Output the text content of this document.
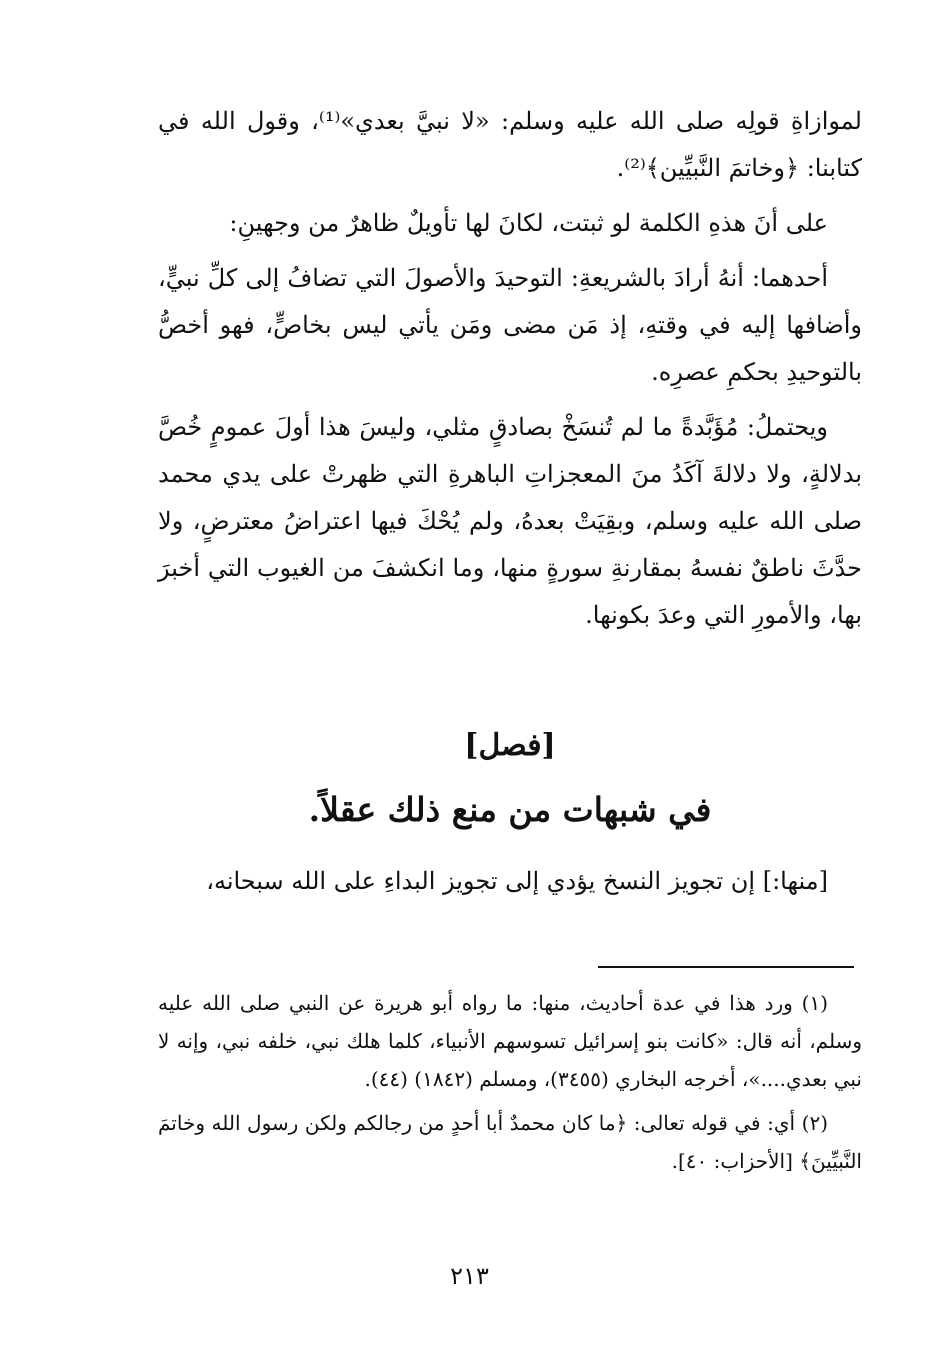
لموازاةِ قولِه صلى الله عليه وسلم: «لا نبيَّ بعدي»⁽¹⁾، وقول الله في كتابنا: ﴿وخاتمَ النَّبيِّين﴾⁽²⁾.

على أنَ هذهِ الكلمة لو ثبتت، لكانَ لها تأويلٌ ظاهرٌ من وجهينِ:

أحدهما: أنهُ أرادَ بالشريعةِ: التوحيدَ والأصولَ التي تضافُ إلى كلِّ نبيٍّ، وأضافها إليه في وقتهِ، إذ مَن مضى ومَن يأتي ليس بخاصٍّ، فهو أخصُّ بالتوحيدِ بحكمِ عصرِه.

ويحتملُ: مُؤَبَّدةً ما لم تُنسَخْ بصادقٍ مثلي، وليسَ هذا أولَ عمومٍ خُصَّ بدلالةٍ، ولا دلالةَ آكَدُ منَ المعجزاتِ الباهرةِ التي ظهرتْ على يدي محمد صلى الله عليه وسلم، وبقِيَتْ بعدهُ، ولم يُحْكَ فيها اعتراضُ معترضٍ، ولا حدَّثَ ناطقٌ نفسهُ بمقارنةِ سورةٍ منها، وما انكشفَ من الغيوب التي أخبرَ بها، والأمورِ التي وعدَ بكونها.

[فصل]
في شبهات من منع ذلك عقلاً.

[منها:] إن تجويز النسخ يؤدي إلى تجويز البداءِ على الله سبحانه،

(١) ورد هذا في عدة أحاديث، منها: ما رواه أبو هريرة عن النبي صلى الله عليه وسلم، أنه قال: «كانت بنو إسرائيل تسوسهم الأنبياء، كلما هلك نبي، خلفه نبي، وإنه لا نبي بعدي....»، أخرجه البخاري (٣٤٥٥)، ومسلم (١٨٤٢) (٤٤).

(٢) أي: في قوله تعالى: ﴿ما كان محمدٌ أبا أحدٍ من رجالكم ولكن رسول الله وخاتمَ النَّبيِّينَ﴾ [الأحزاب: ٤٠].

٢١٣
